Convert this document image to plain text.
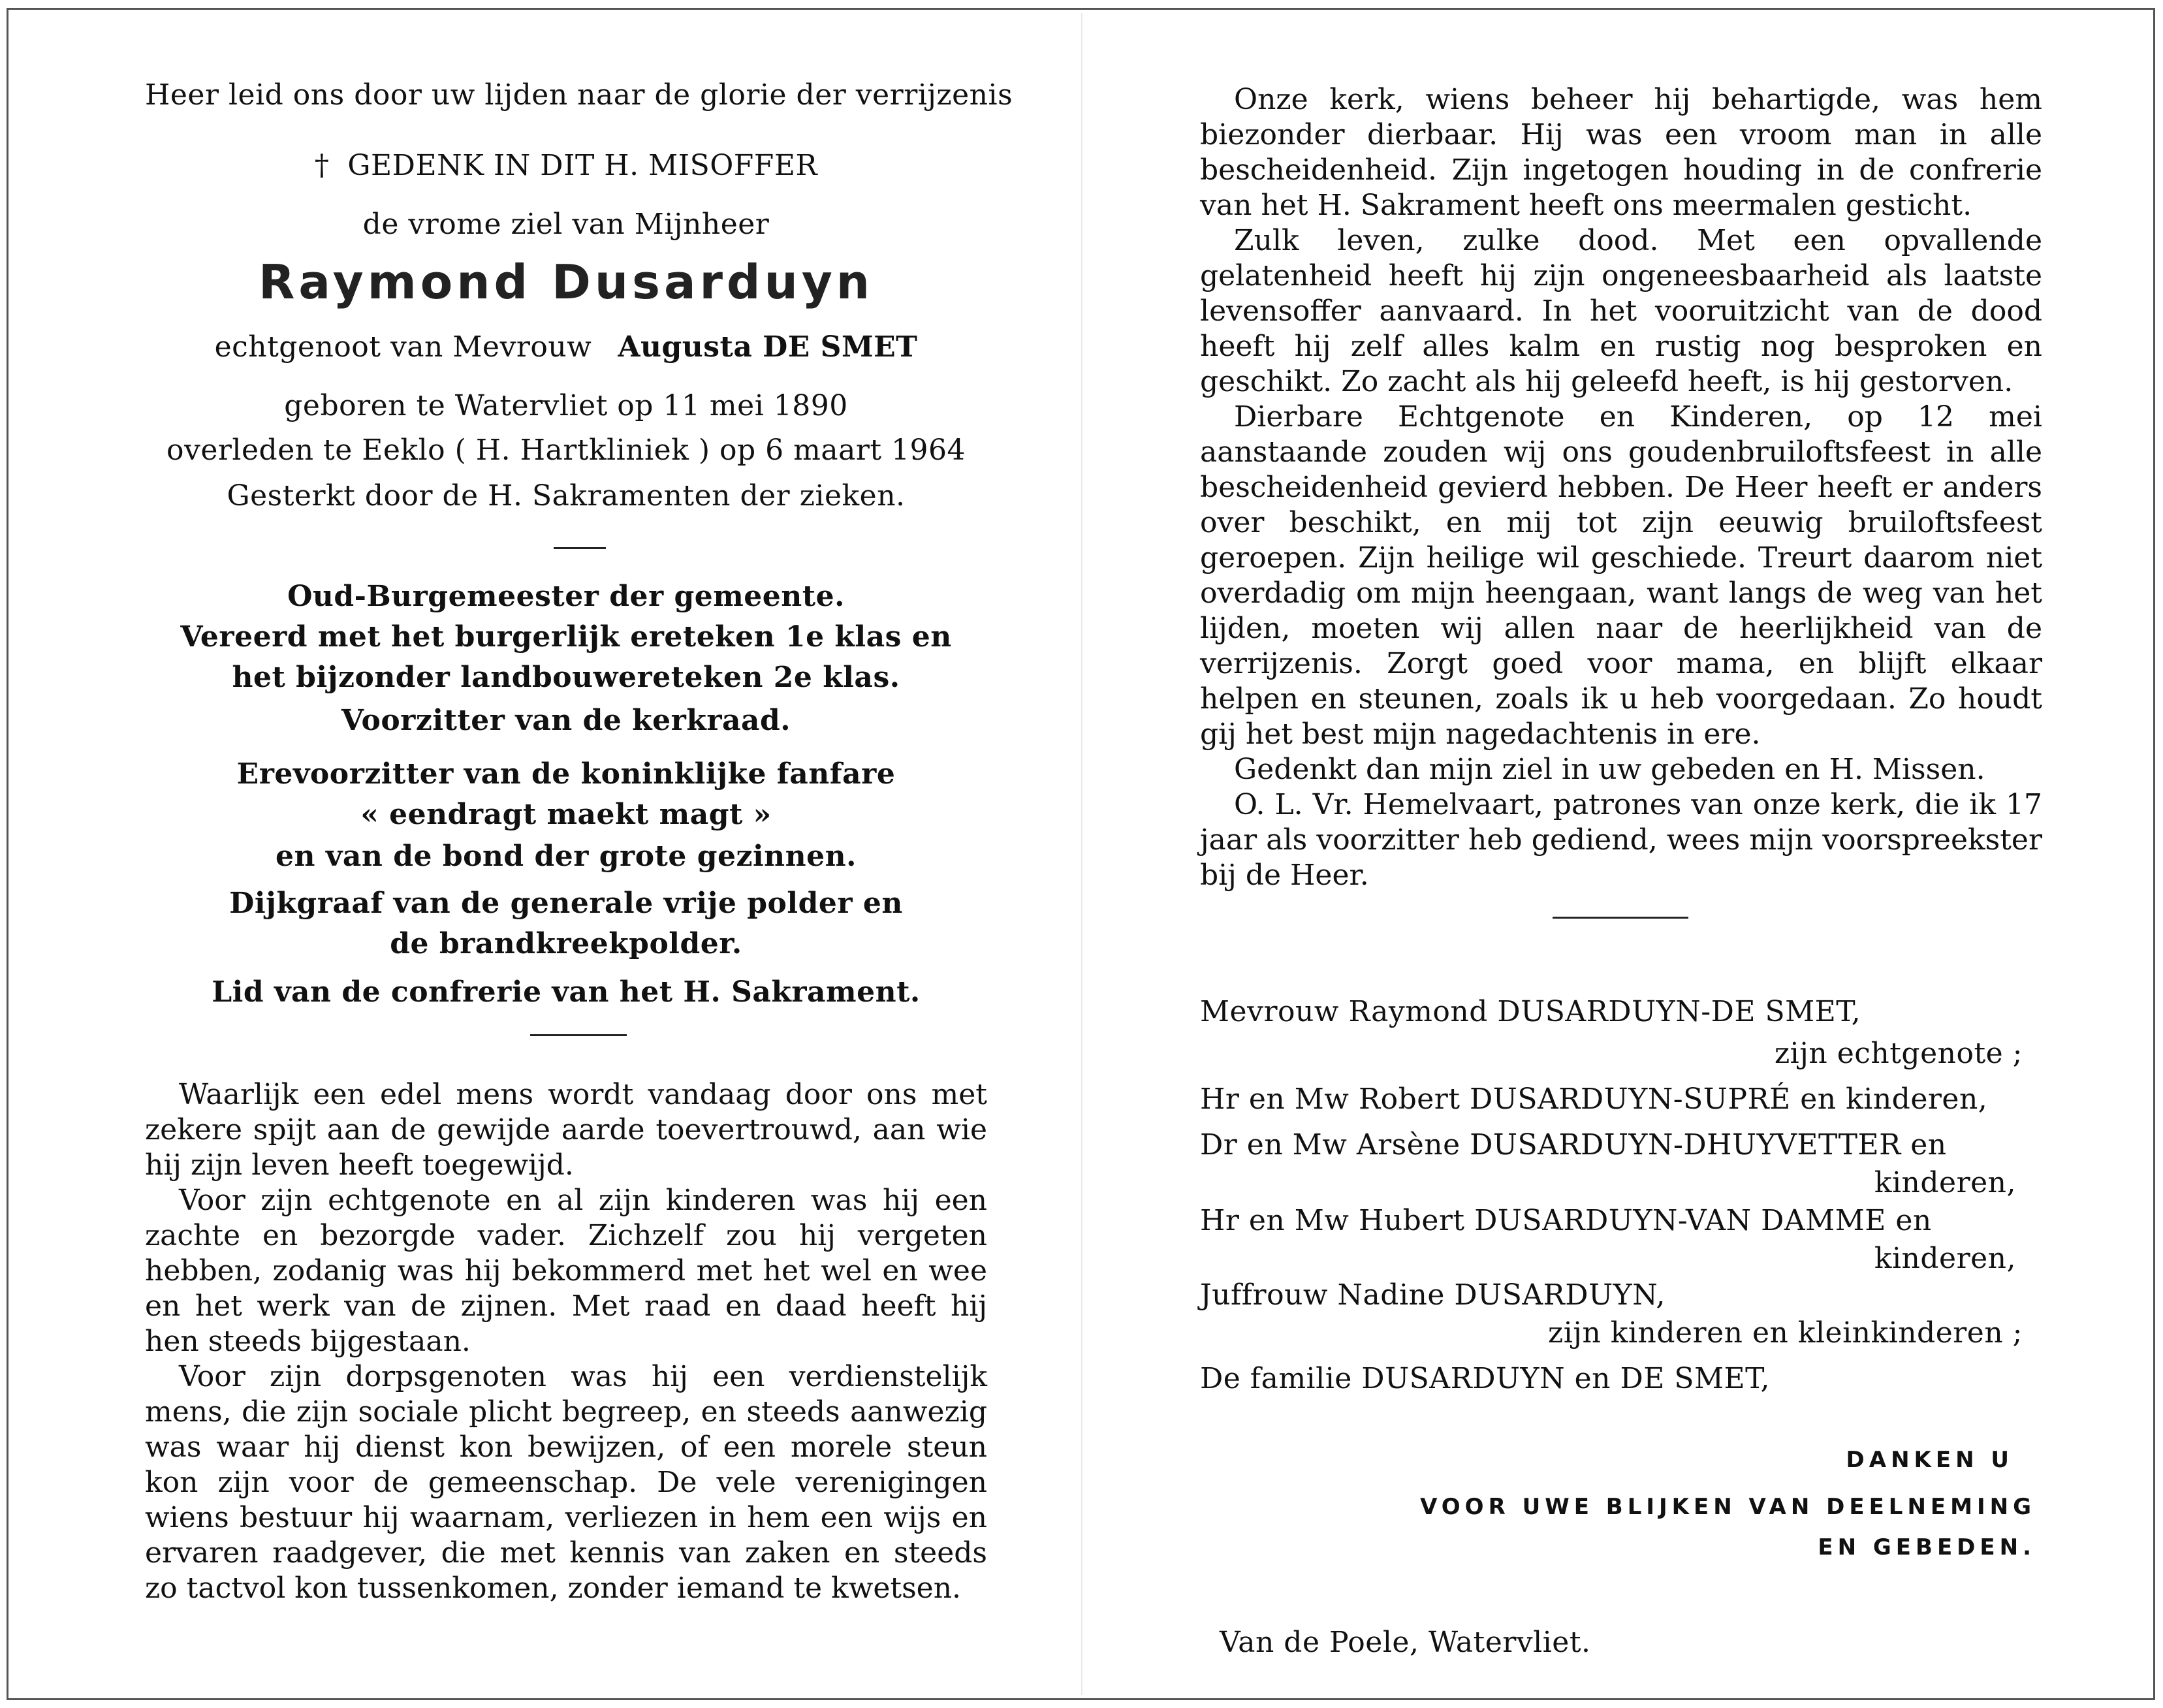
Heer leid ons door uw lijden naar de glorie der verrijzenis
† GEDENK IN DIT H. MISOFFER
de vrome ziel van Mijnheer
Raymond Dusarduyn
echtgenoot van Mevrouw Augusta DE SMET
geboren te Watervliet op 11 mei 1890
overleden te Eeklo ( H. Hartkliniek ) op 6 maart 1964
Gesterkt door de H. Sakramenten der zieken.
Oud-Burgemeester der gemeente.
Vereerd met het burgerlijk ereteken 1e klas en
het bijzonder landbouwereteken 2e klas.
Voorzitter van de kerkraad.
Erevoorzitter van de koninklijke fanfare
« eendragt maekt magt »
en van de bond der grote gezinnen.
Dijkgraaf van de generale vrije polder en
de brandkreekpolder.
Lid van de confrerie van het H. Sakrament.

Waarlijk een edel mens wordt vandaag door ons met zekere spijt aan de gewijde aarde toevertrouwd, aan wie hij zijn leven heeft toegewijd.

Voor zijn echtgenote en al zijn kinderen was hij een zachte en bezorgde vader. Zichzelf zou hij vergeten hebben, zodanig was hij bekommerd met het wel en wee en het werk van de zijnen. Met raad en daad heeft hij hen steeds bijgestaan.

Voor zijn dorpsgenoten was hij een verdienstelijk mens, die zijn sociale plicht begreep, en steeds aanwezig was waar hij dienst kon bewijzen, of een morele steun kon zijn voor de gemeenschap. De vele verenigingen wiens bestuur hij waarnam, verliezen in hem een wijs en ervaren raadgever, die met kennis van zaken en steeds zo tactvol kon tussenkomen, zonder iemand te kwetsen.

Onze kerk, wiens beheer hij behartigde, was hem biezonder dierbaar. Hij was een vroom man in alle bescheidenheid. Zijn ingetogen houding in de confrerie van het H. Sakrament heeft ons meermalen gesticht.

Zulk leven, zulke dood. Met een opvallende gelatenheid heeft hij zijn ongeneesbaarheid als laatste levensoffer aanvaard. In het vooruitzicht van de dood heeft hij zelf alles kalm en rustig nog besproken en geschikt. Zo zacht als hij geleefd heeft, is hij gestorven.

Dierbare Echtgenote en Kinderen, op 12 mei aanstaande zouden wij ons goudenbruiloftsfeest in alle bescheidenheid gevierd hebben. De Heer heeft er anders over beschikt, en mij tot zijn eeuwig bruiloftsfeest geroepen. Zijn heilige wil geschiede. Treurt daarom niet overdadig om mijn heengaan, want langs de weg van het lijden, moeten wij allen naar de heerlijkheid van de verrijzenis. Zorgt goed voor mama, en blijft elkaar helpen en steunen, zoals ik u heb voorgedaan. Zo houdt gij het best mijn nagedachtenis in ere.

Gedenkt dan mijn ziel in uw gebeden en H. Missen.

O. L. Vr. Hemelvaart, patrones van onze kerk, die ik 17 jaar als voorzitter heb gediend, wees mijn voorspreekster bij de Heer.

Mevrouw Raymond DUSARDUYN-DE SMET,
zijn echtgenote ;
Hr en Mw Robert DUSARDUYN-SUPRÉ en kinderen,
Dr en Mw Arsène DUSARDUYN-DHUYVETTER en
kinderen,
Hr en Mw Hubert DUSARDUYN-VAN DAMME en
kinderen,
Juffrouw Nadine DUSARDUYN,
zijn kinderen en kleinkinderen ;
De familie DUSARDUYN en DE SMET,
DANKEN U
VOOR UWE BLIJKEN VAN DEELNEMING
EN GEBEDEN.
Van de Poele, Watervliet.
